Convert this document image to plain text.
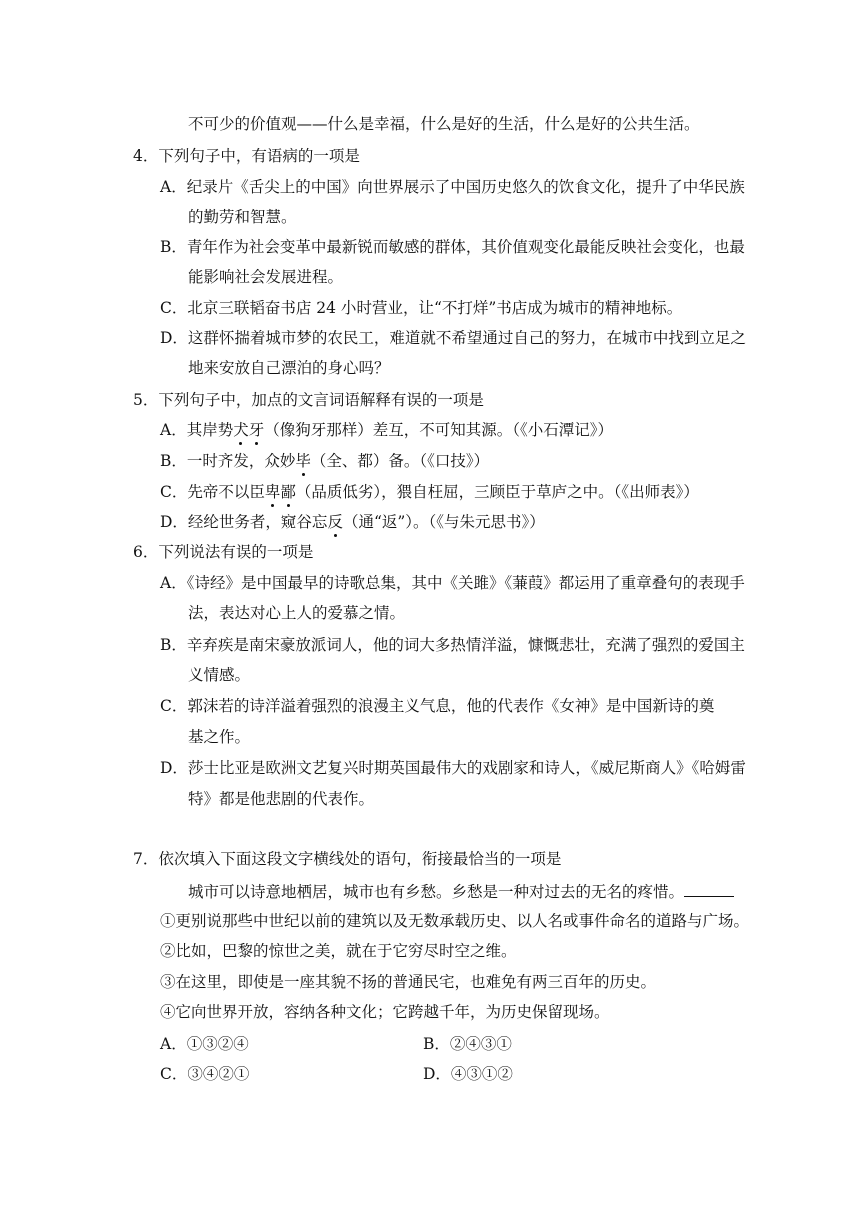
不可少的价值观——什么是幸福，什么是好的生活，什么是好的公共生活。
4．下列句子中，有语病的一项是
A．纪录片《舌尖上的中国》向世界展示了中国历史悠久的饮食文化，提升了中华民族
的勤劳和智慧。
B．青年作为社会变革中最新锐而敏感的群体，其价值观变化最能反映社会变化，也最
能影响社会发展进程。
C．北京三联韬奋书店 24 小时营业，让“不打烊”书店成为城市的精神地标。
D．这群怀揣着城市梦的农民工，难道就不希望通过自己的努力，在城市中找到立足之
地来安放自己漂泊的身心吗？
5．下列句子中，加点的文言词语解释有误的一项是
A．其岸势犬牙（像狗牙那样）差互，不可知其源。（《小石潭记》）
B．一时齐发，众妙毕（全、都）备。（《口技》）
C．先帝不以臣卑鄙（品质低劣），猥自枉屈，三顾臣于草庐之中。（《出师表》）
D．经纶世务者，窥谷忘反（通“返”）。（《与朱元思书》）
6．下列说法有误的一项是
A．《诗经》是中国最早的诗歌总集，其中《关雎》《蒹葭》都运用了重章叠句的表现手
法，表达对心上人的爱慕之情。
B．辛弃疾是南宋豪放派词人，他的词大多热情洋溢，慷慨悲壮，充满了强烈的爱国主
义情感。
C．郭沫若的诗洋溢着强烈的浪漫主义气息，他的代表作《女神》是中国新诗的奠
基之作。
D．莎士比亚是欧洲文艺复兴时期英国最伟大的戏剧家和诗人，《威尼斯商人》《哈姆雷
特》都是他悲剧的代表作。
7．依次填入下面这段文字横线处的语句，衔接最恰当的一项是
城市可以诗意地栖居，城市也有乡愁。乡愁是一种对过去的无名的疼惜。
①更别说那些中世纪以前的建筑以及无数承载历史、以人名或事件命名的道路与广场。
②比如，巴黎的惊世之美，就在于它穷尽时空之维。
③在这里，即使是一座其貌不扬的普通民宅，也难免有两三百年的历史。
④它向世界开放，容纳各种文化；它跨越千年，为历史保留现场。
A．①③②④	B．②④③①
C．③④②①	D．④③①②
